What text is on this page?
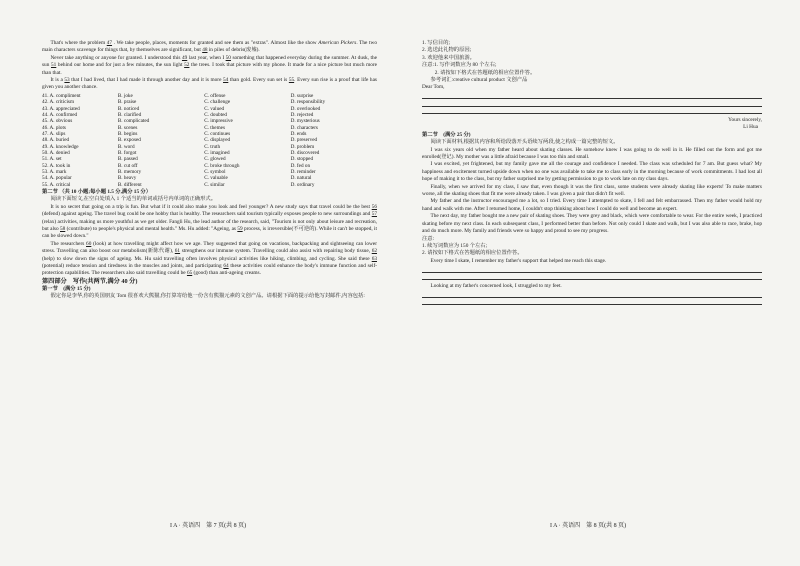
That's where the problem 47 . We take people, places, moments for granted and see them as "extras". Almost like the show American Pickers. The two main characters scavenge for things that, by themselves are significant, but 48 in piles of debris(废墟).

Never take anything or anyone for granted. I understood this 49 last year, when I 50 something that happened everyday during the summer. At dusk, the sun 51 behind our home and for just a few minutes, the sun light 52 the trees. I took that picture with my phone. It made for a nice picture but much more than that.

It is a 53 that I had lived, that I had made it through another day and it is more 54 than gold. Every sun set is 55. Every sun rise is a proof that life has given you another chance.

41. A. compliment	B. joke	C. offense	D. surprise
42. A. criticism	B. praise	C. challenge	D. responsibility
43. A. appreciated	B. noticed	C. valued	D. overlooked
44. A. confirmed	B. clarified	C. doubted	D. rejected
45. A. obvious	B. complicated	C. impressive	D. mysterious
46. A. plots	B. scenes	C. themes	D. characters
47. A. slips	B. begins	C. continues	D. ends
48. A. buried	B. exposed	C. displayed	D. preserved
49. A. knowledge	B. word	C. truth	D. problem
50. A. denied	B. forgot	C. imagined	D. discovered
51. A. set	B. passed	C. glowed	D. stopped
52. A. took in	B. cut off	C. broke through	D. fed on
53. A. mark	B. memory	C. symbol	D. reminder
54. A. popular	B. heavy	C. valuable	D. natural
55. A. critical	B. different	C. similar	D. ordinary

第二节 （共 10 小题;每小题 1.5 分,满分 15 分）

阅读下面短文,在空白处填入 1 个适当的单词或括号内单词的正确形式。

It is no secret that going on a trip is fun. But what if it could also make you look and feel younger? A new study says that travel could be the best 56 (defend) against ageing. The travel bug could be one hobby that is healthy. The researchers said tourism typically exposes people to new surroundings and 57 (relax) activities, making us more youthful as we get older. Fangli Hu, the lead author of the research, said, "Tourism is not only about leisure and recreation, but also 58 (contribute) to people's physical and mental health." Ms. Hu added: "Ageing, as 59 process, is irreversible(不可逆的). While it can't be stopped, it can be slowed down."

The researchers 60 (look) at how travelling might affect how we age. They suggested that going on vacations, backpacking and sightseeing can lower stress. Travelling can also boost our metabolism(新陈代谢), 61 strengthens our immune system. Travelling could also assist with repairing body tissue, 62 (help) to slow down the signs of ageing. Ms. Hu said travelling often involves physical activities like hiking, climbing, and cycling. She said these 63 (potential) reduce tension and tiredness in the muscles and joints, and participating 64 these activities could enhance the body's immune function and self-protection capabilities. The researchers also said travelling could be 65 (good) than anti-ageing creams.

第四部分　写作(共两节,满分 40 分)

第一节　(满分 15 分)

假定你是李华,你的英国朋友 Tom 很喜欢大熊猫,你打算寄给他一份含有熊猫元素的文创产品。请根据下面的提示给他写封邮件,内容包括:

1. 写信目的;

2. 选送此礼物的原因;

3. 欢迎他来中国旅游。

注意:1. 写作词数应为 80 个左右;

2. 请按如下格式在答题纸的相应位置作答。

参考词汇:creative cultural product 文创产品

Dear Tom,

Yours sincerely,

Li Hua

第二节　(满分 25 分)

阅读下面材料,根据其内容和所给段落开头语续写两段,使之构成一篇完整的短文。

I was six years old when my father heard about skating classes. He somehow knew I was going to do well in it. He filled out the form and got me enrolled(登记). My mother was a little afraid because I was too thin and small.

I was excited, yet frightened, but my family gave me all the courage and confidence I needed. The class was scheduled for 7 am. But guess what? My happiness and excitement turned upside down when no one was available to take me to class early in the morning because of work commitments. I had lost all hope of making it to the class, but my father surprised me by getting permission to go to work late on my class days.

Finally, when we arrived for my class, I saw that, even though it was the first class, some students were already skating like experts! To make matters worse, all the skating shoes that fit me were already taken. I was given a pair that didn't fit well.

My father and the instructor encouraged me a lot, so I tried. Every time I attempted to skate, I fell and felt embarrassed. Then my father would hold my hand and walk with me. After I returned home, I couldn't stop thinking about how I could do well and become an expert.

The next day, my father bought me a new pair of skating shoes. They were grey and black, which were comfortable to wear. For the entire week, I practiced skating before my next class. In each subsequent class, I performed better than before. Not only could I skate and walk, but I was also able to race, brake, hop and do much more. My family and friends were so happy and proud to see my progress.

注意:

1. 续写词数应为 150 个左右;

2. 请按如下格式在答题纸的相应位置作答。

Every time I skate, I remember my father's support that helped me reach this stage.

Looking at my father's concerned look, I struggled to my feet.

I A · 英语四　第 7 页(共 8 页)	I A · 英语四　第 8 页(共 8 页)
